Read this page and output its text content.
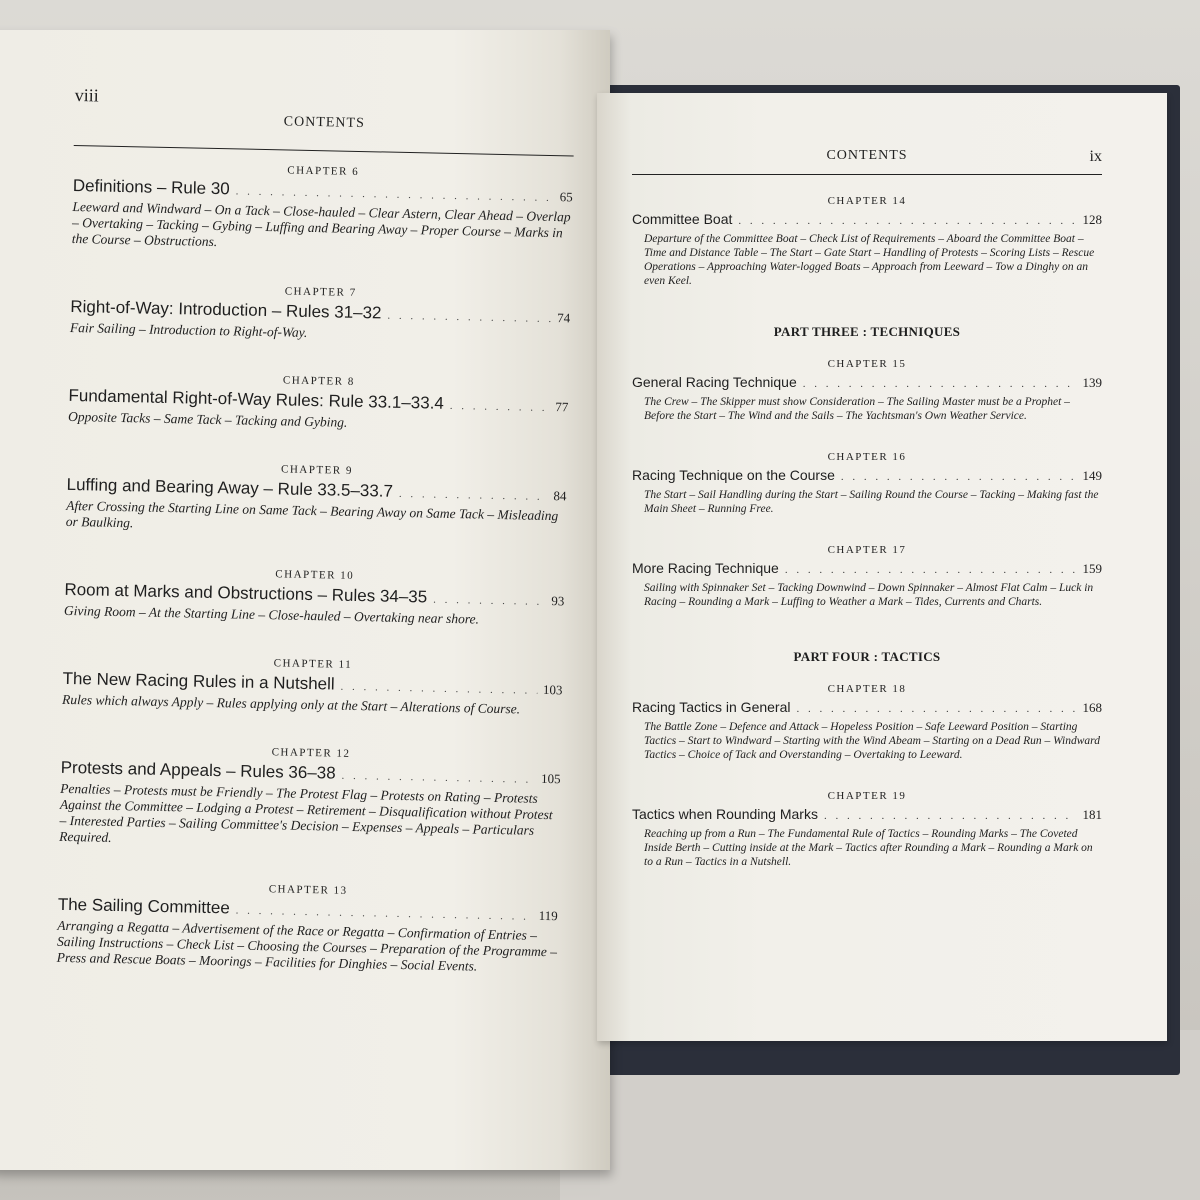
viii
CONTENTS
CHAPTER 6
Definitions – Rule 30 . . .	65
Leeward and Windward – On a Tack – Close-hauled – Clear Astern, Clear Ahead – Overlap – Overtaking – Tacking – Gybing – Luffing and Bearing Away – Proper Course – Marks in the Course – Obstructions.
CHAPTER 7
Right-of-Way: Introduction – Rules 31–32 . . .	74
Fair Sailing – Introduction to Right-of-Way.
CHAPTER 8
Fundamental Right-of-Way Rules: Rule 33.1–33.4 . . .	77
Opposite Tacks – Same Tack – Tacking and Gybing.
CHAPTER 9
Luffing and Bearing Away – Rule 33.5–33.7 . . .	84
After Crossing the Starting Line on Same Tack – Bearing Away on Same Tack – Misleading or Baulking.
CHAPTER 10
Room at Marks and Obstructions – Rules 34–35 . . .	93
Giving Room – At the Starting Line – Close-hauled – Overtaking near shore.
CHAPTER 11
The New Racing Rules in a Nutshell . . .	103
Rules which always Apply – Rules applying only at the Start – Alterations of Course.
CHAPTER 12
Protests and Appeals – Rules 36–38 . . .	105
Penalties – Protests must be Friendly – The Protest Flag – Protests on Rating – Protests Against the Committee – Lodging a Protest – Retirement – Disqualification without Protest – Interested Parties – Sailing Committee's Decision – Expenses – Appeals – Particulars Required.
CHAPTER 13
The Sailing Committee . . .	119
Arranging a Regatta – Advertisement of the Race or Regatta – Confirmation of Entries – Sailing Instructions – Check List – Choosing the Courses – Preparation of the Programme – Press and Rescue Boats – Moorings – Facilities for Dinghies – Social Events.
CONTENTS	ix
CHAPTER 14
Committee Boat . . .	128
Departure of the Committee Boat – Check List of Requirements – Aboard the Committee Boat – Time and Distance Table – The Start – Gate Start – Handling of Protests – Scoring Lists – Rescue Operations – Approaching Water-logged Boats – Approach from Leeward – Tow a Dinghy on an even Keel.
PART THREE : TECHNIQUES
CHAPTER 15
General Racing Technique . . .	139
The Crew – The Skipper must show Consideration – The Sailing Master must be a Prophet – Before the Start – The Wind and the Sails – The Yachtsman's Own Weather Service.
CHAPTER 16
Racing Technique on the Course . . .	149
The Start – Sail Handling during the Start – Sailing Round the Course – Tacking – Making fast the Main Sheet – Running Free.
CHAPTER 17
More Racing Technique . . .	159
Sailing with Spinnaker Set – Tacking Downwind – Down Spinnaker – Almost Flat Calm – Luck in Racing – Rounding a Mark – Luffing to Weather a Mark – Tides, Currents and Charts.
PART FOUR : TACTICS
CHAPTER 18
Racing Tactics in General . . .	168
The Battle Zone – Defence and Attack – Hopeless Position – Safe Leeward Position – Starting Tactics – Start to Windward – Starting with the Wind Abeam – Starting on a Dead Run – Windward Tactics – Choice of Tack and Overstanding – Overtaking to Leeward.
CHAPTER 19
Tactics when Rounding Marks . . .	181
Reaching up from a Run – The Fundamental Rule of Tactics – Rounding Marks – The Coveted Inside Berth – Cutting inside at the Mark – Tactics after Rounding a Mark – Rounding a Mark on to a Run – Tactics in a Nutshell.
